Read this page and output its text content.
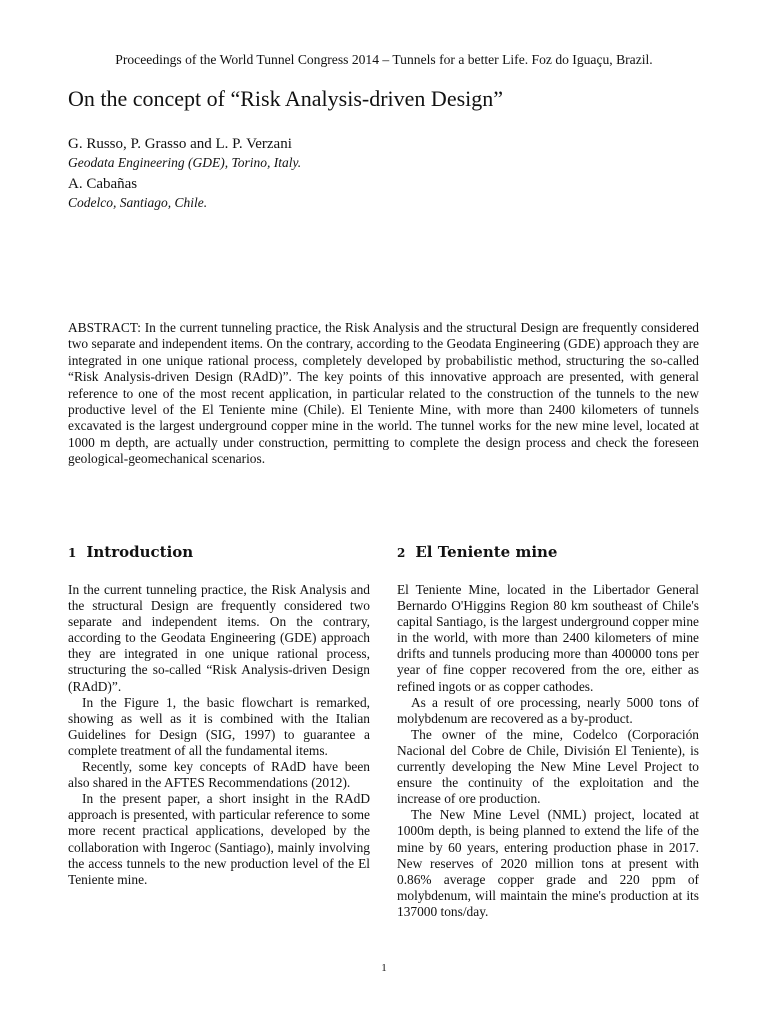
Proceedings of the World Tunnel Congress 2014 – Tunnels for a better Life. Foz do Iguaçu, Brazil.
On the concept of “Risk Analysis-driven Design”
G. Russo, P. Grasso and L. P. Verzani
Geodata Engineering (GDE), Torino, Italy.
A. Cabañas
Codelco, Santiago, Chile.

ABSTRACT: In the current tunneling practice, the Risk Analysis and the structural Design are frequently considered two separate and independent items. On the contrary, according to the Geodata Engineering (GDE) approach they are integrated in one unique rational process, completely developed by probabilistic method, structuring the so-called “Risk Analysis-driven Design (RAdD)”. The key points of this innovative approach are presented, with general reference to one of the most recent application, in particular related to the construction of the tunnels to the new productive level of the El Teniente mine (Chile). El Teniente Mine, with more than 2400 kilometers of tunnels excavated is the largest underground copper mine in the world. The tunnel works for the new mine level, located at 1000 m depth, are actually under construction, permitting to complete the design process and check the foreseen geological-geomechanical scenarios.

1 Introduction

In the current tunneling practice, the Risk Analysis and the structural Design are frequently considered two separate and independent items. On the contrary, according to the Geodata Engineering (GDE) approach they are integrated in one unique rational process, structuring the so-called “Risk Analysis-driven Design (RAdD)”.

In the Figure 1, the basic flowchart is remarked, showing as well as it is combined with the Italian Guidelines for Design (SIG, 1997) to guarantee a complete treatment of all the fundamental items.

Recently, some key concepts of RAdD have been also shared in the AFTES Recommendations (2012).

In the present paper, a short insight in the RAdD approach is presented, with particular reference to some more recent practical applications, developed by the collaboration with Ingeroc (Santiago), mainly involving the access tunnels to the new production level of the El Teniente mine.

2 El Teniente mine

El Teniente Mine, located in the Libertador General Bernardo O'Higgins Region 80 km southeast of Chile's capital Santiago, is the largest underground copper mine in the world, with more than 2400 kilometers of mine drifts and tunnels producing more than 400000 tons per year of fine copper recovered from the ore, either as refined ingots or as copper cathodes.

As a result of ore processing, nearly 5000 tons of molybdenum are recovered as a by-product.

The owner of the mine, Codelco (Corporación Nacional del Cobre de Chile, División El Teniente), is currently developing the New Mine Level Project to ensure the continuity of the exploitation and the increase of ore production.

The New Mine Level (NML) project, located at 1000m depth, is being planned to extend the life of the mine by 60 years, entering production phase in 2017. New reserves of 2020 million tons at present with 0.86% average copper grade and 220 ppm of molybdenum, will maintain the mine's production at its 137000 tons/day.

1
